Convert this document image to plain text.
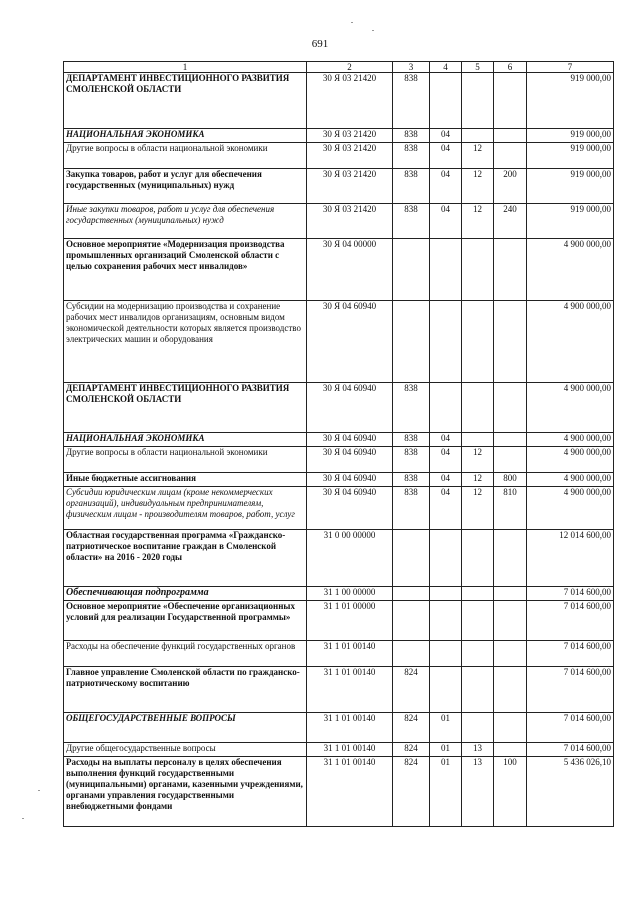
691
1	2	3	4	5	6	7
ДЕПАРТАМЕНТ ИНВЕСТИЦИОННОГО РАЗВИТИЯ СМОЛЕНСКОЙ ОБЛАСТИ	30 Я 03 21420	838				919 000,00
НАЦИОНАЛЬНАЯ ЭКОНОМИКА	30 Я 03 21420	838	04			919 000,00
Другие вопросы в области национальной экономики	30 Я 03 21420	838	04	12		919 000,00
Закупка товаров, работ и услуг для обеспечения государственных (муниципальных) нужд	30 Я 03 21420	838	04	12	200	919 000,00
Иные закупки товаров, работ и услуг для обеспечения государственных (муниципальных) нужд	30 Я 03 21420	838	04	12	240	919 000,00
Основное мероприятие «Модернизация производства промышленных организаций Смоленской области с целью сохранения рабочих мест инвалидов»	30 Я 04 00000					4 900 000,00
Субсидии на модернизацию производства и сохранение рабочих мест инвалидов организациям, основным видом экономической деятельности которых является производство электрических машин и оборудования	30 Я 04 60940					4 900 000,00
ДЕПАРТАМЕНТ ИНВЕСТИЦИОННОГО РАЗВИТИЯ СМОЛЕНСКОЙ ОБЛАСТИ	30 Я 04 60940	838				4 900 000,00
НАЦИОНАЛЬНАЯ ЭКОНОМИКА	30 Я 04 60940	838	04			4 900 000,00
Другие вопросы в области национальной экономики	30 Я 04 60940	838	04	12		4 900 000,00
Иные бюджетные ассигнования	30 Я 04 60940	838	04	12	800	4 900 000,00
Субсидии юридическим лицам (кроме некоммерческих организаций), индивидуальным предпринимателям, физическим лицам - производителям товаров, работ, услуг	30 Я 04 60940	838	04	12	810	4 900 000,00
Областная государственная программа «Гражданско-патриотическое воспитание граждан в Смоленской области» на 2016 - 2020 годы	31 0 00 00000					12 014 600,00
Обеспечивающая подпрограмма	31 1 00 00000					7 014 600,00
Основное мероприятие «Обеспечение организационных условий для реализации Государственной программы»	31 1 01 00000					7 014 600,00
Расходы на обеспечение функций государственных органов	31 1 01 00140					7 014 600,00
Главное управление Смоленской области по гражданско-патриотическому воспитанию	31 1 01 00140	824				7 014 600,00
ОБЩЕГОСУДАРСТВЕННЫЕ ВОПРОСЫ	31 1 01 00140	824	01			7 014 600,00
Другие общегосударственные вопросы	31 1 01 00140	824	01	13		7 014 600,00
Расходы на выплаты персоналу в целях обеспечения выполнения функций государственными (муниципальными) органами, казенными учреждениями, органами управления государственными внебюджетными фондами	31 1 01 00140	824	01	13	100	5 436 026,10
